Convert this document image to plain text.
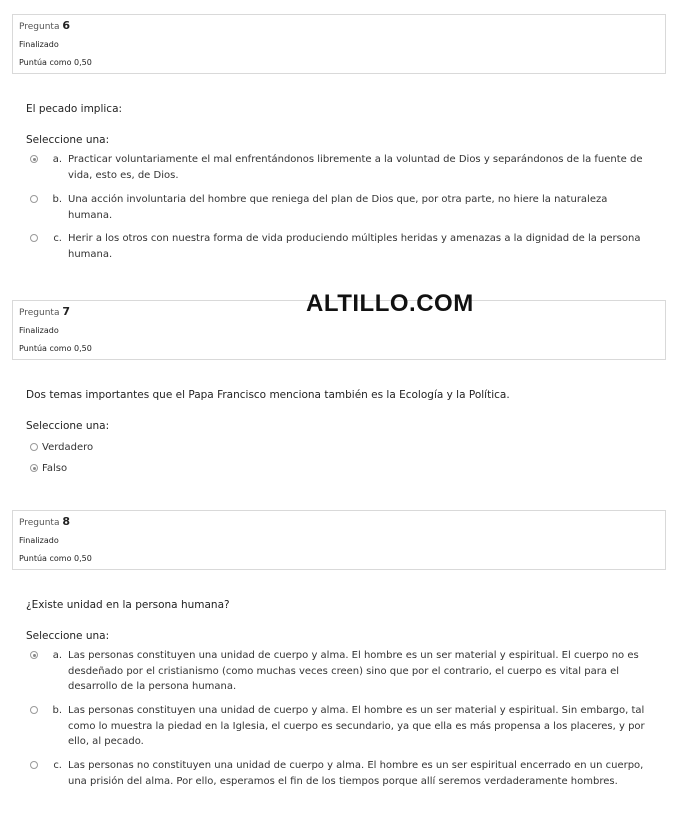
Pregunta 6
Finalizado
Puntúa como 0,50
El pecado implica:
Seleccione una:
a. Practicar voluntariamente el mal enfrentándonos libremente a la voluntad de Dios y separándonos de la fuente de
vida, esto es, de Dios.
b. Una acción involuntaria del hombre que reniega del plan de Dios que, por otra parte, no hiere la naturaleza
humana.
c. Herir a los otros con nuestra forma de vida produciendo múltiples heridas y amenazas a la dignidad de la persona
humana.
Pregunta 7
Finalizado
Puntúa como 0,50
Dos temas importantes que el Papa Francisco menciona también es la Ecología y la Política.
Seleccione una:
Verdadero
Falso
Pregunta 8
Finalizado
Puntúa como 0,50
¿Existe unidad en la persona humana?
Seleccione una:
a. Las personas constituyen una unidad de cuerpo y alma. El hombre es un ser material y espiritual. El cuerpo no es
desdeñado por el cristianismo (como muchas veces creen) sino que por el contrario, el cuerpo es vital para el
desarrollo de la persona humana.
b. Las personas constituyen una unidad de cuerpo y alma. El hombre es un ser material y espiritual. Sin embargo, tal
como lo muestra la piedad en la Iglesia, el cuerpo es secundario, ya que ella es más propensa a los placeres, y por
ello, al pecado.
c. Las personas no constituyen una unidad de cuerpo y alma. El hombre es un ser espiritual encerrado en un cuerpo,
una prisión del alma. Por ello, esperamos el fin de los tiempos porque allí seremos verdaderamente hombres.
ALTILLO.COM
